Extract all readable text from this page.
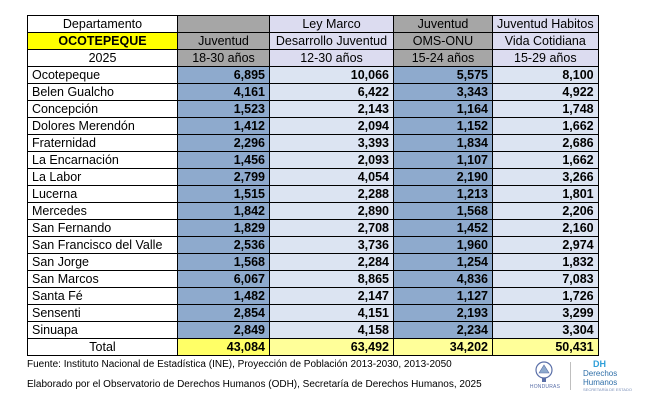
Departamento		Ley Marco	Juventud	Juventud Habitos
OCOTEPEQUE	Juventud	Desarrollo Juventud	OMS-ONU	Vida Cotidiana
2025	18-30 años	12-30 años	15-24 años	15-29 años
Ocotepeque	6,895	10,066	5,575	8,100
Belen Gualcho	4,161	6,422	3,343	4,922
Concepción	1,523	2,143	1,164	1,748
Dolores Merendón	1,412	2,094	1,152	1,662
Fraternidad	2,296	3,393	1,834	2,686
La Encarnación	1,456	2,093	1,107	1,662
La Labor	2,799	4,054	2,190	3,266
Lucerna	1,515	2,288	1,213	1,801
Mercedes	1,842	2,890	1,568	2,206
San Fernando	1,829	2,708	1,452	2,160
San Francisco del Valle	2,536	3,736	1,960	2,974
San Jorge	1,568	2,284	1,254	1,832
San Marcos	6,067	8,865	4,836	7,083
Santa Fé	1,482	2,147	1,127	1,726
Sensenti	2,854	4,151	2,193	3,299
Sinuapa	2,849	4,158	2,234	3,304
Total	43,084	63,492	34,202	50,431
Fuente: Instituto Nacional de Estadística (INE), Proyección de Población 2013-2030, 2013-2050
Elaborado por el Observatorio de Derechos Humanos (ODH), Secretaría de Derechos Humanos, 2025	HONDURAS
DH
Derechos
Humanos
SECRETARÍA DE ESTADO
